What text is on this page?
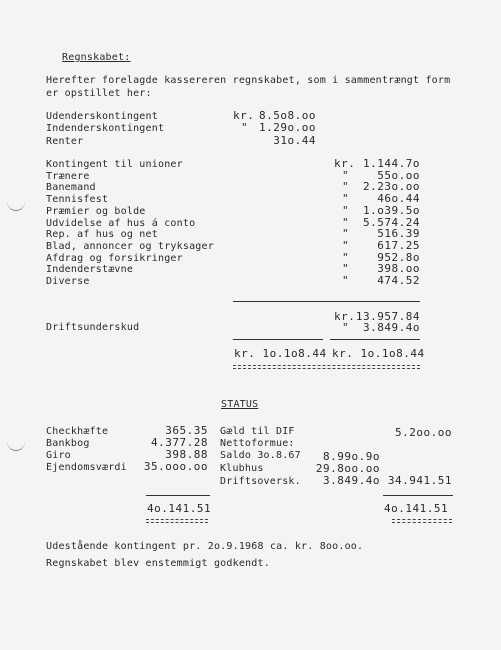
Regnskabet:
Herefter forelagde kassereren regnskabet, som i sammentrængt form
er opstillet her:
Udenderskontingent	kr. 8.5o8.oo
Indenderskontingent	" 1.29o.oo
Renter	31o.44
Kontingent til unioner	kr. 1.144.7o
Trænere	"	55o.oo
Banemand	"	2.23o.oo
Tennisfest	"	46o.44
Præmier og bolde	"	1.o39.5o
Udvidelse af hus á conto	"	5.574.24
Rep. af hus og net	"	516.39
Blad, annoncer og tryksager	"	617.25
Afdrag og forsikringer	"	952.8o
Indenderstævne	"	398.oo
Diverse	"	474.52
kr. 13.957.84
Driftsunderskud	"	3.849.4o
kr. 1o.1o8.44 kr. 1o.1o8.44
STATUS
Checkhæfte	365.35
Bankbog	4.377.28
Giro	398.88
Ejendomsværdi	35.ooo.oo
Gæld til DIF	5.2oo.oo
Nettoformue:
Saldo 3o.8.67	8.99o.9o
Klubhus	29.8oo.oo
Driftsoversk.	3.849.4o 34.941.51
4o.141.51	4o.141.51
Udestående kontingent pr. 2o.9.1968 ca. kr. 8oo.oo.
Regnskabet blev enstemmigt godkendt.
